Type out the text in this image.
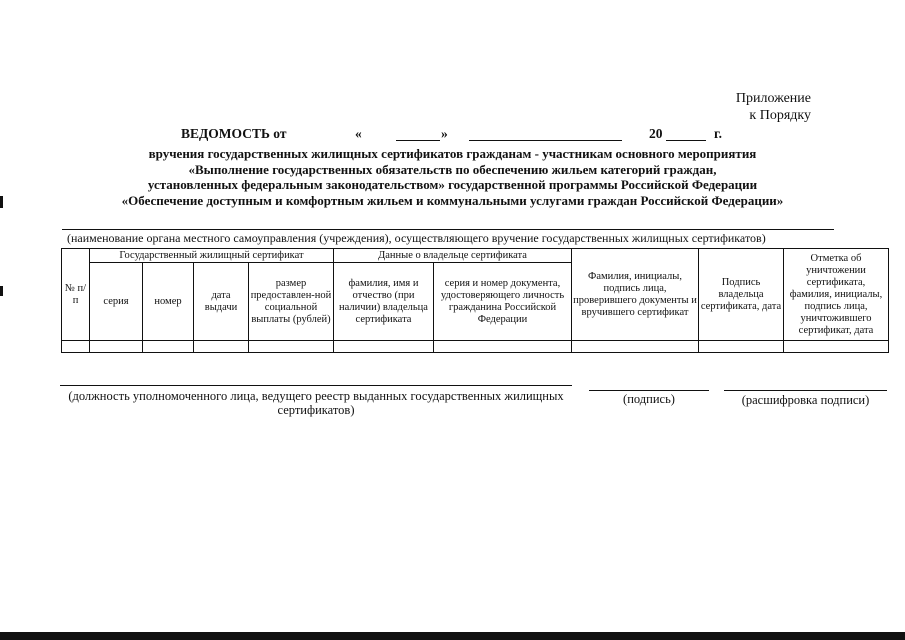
Приложение
к Порядку
ВЕДОМОСТЬ от	«	»	20	г.
вручения государственных жилищных сертификатов гражданам - участникам основного мероприятия
«Выполнение государственных обязательств по обеспечению жильем категорий граждан,
установленных федеральным законодательством» государственной программы Российской Федерации
«Обеспечение доступным и комфортным жильем и коммунальными услугами граждан Российской Федерации»
(наименование органа местного самоуправления (учреждения), осуществляющего вручение государственных жилищных сертификатов)
№ п/п	Государственный жилищный сертификат				Данные о владельце сертификата		Фамилия, инициалы, подпись лица, проверившего документы и вручившего сертификат	Подпись владельца сертификата, дата	Отметка об уничтожении сертификата, фамилия, инициалы, подпись лица, уничтожившего сертификат, дата
	серия	номер	дата выдачи	размер предоставлен-ной социальной выплаты (рублей)	фамилия, имя и отчество (при наличии) владельца сертификата	серия и номер документа, удостоверяющего личность гражданина Российской Федерации			

(должность уполномоченного лица, ведущего реестр выданных государственных жилищных сертификатов)
(подпись)	(расшифровка подписи)
